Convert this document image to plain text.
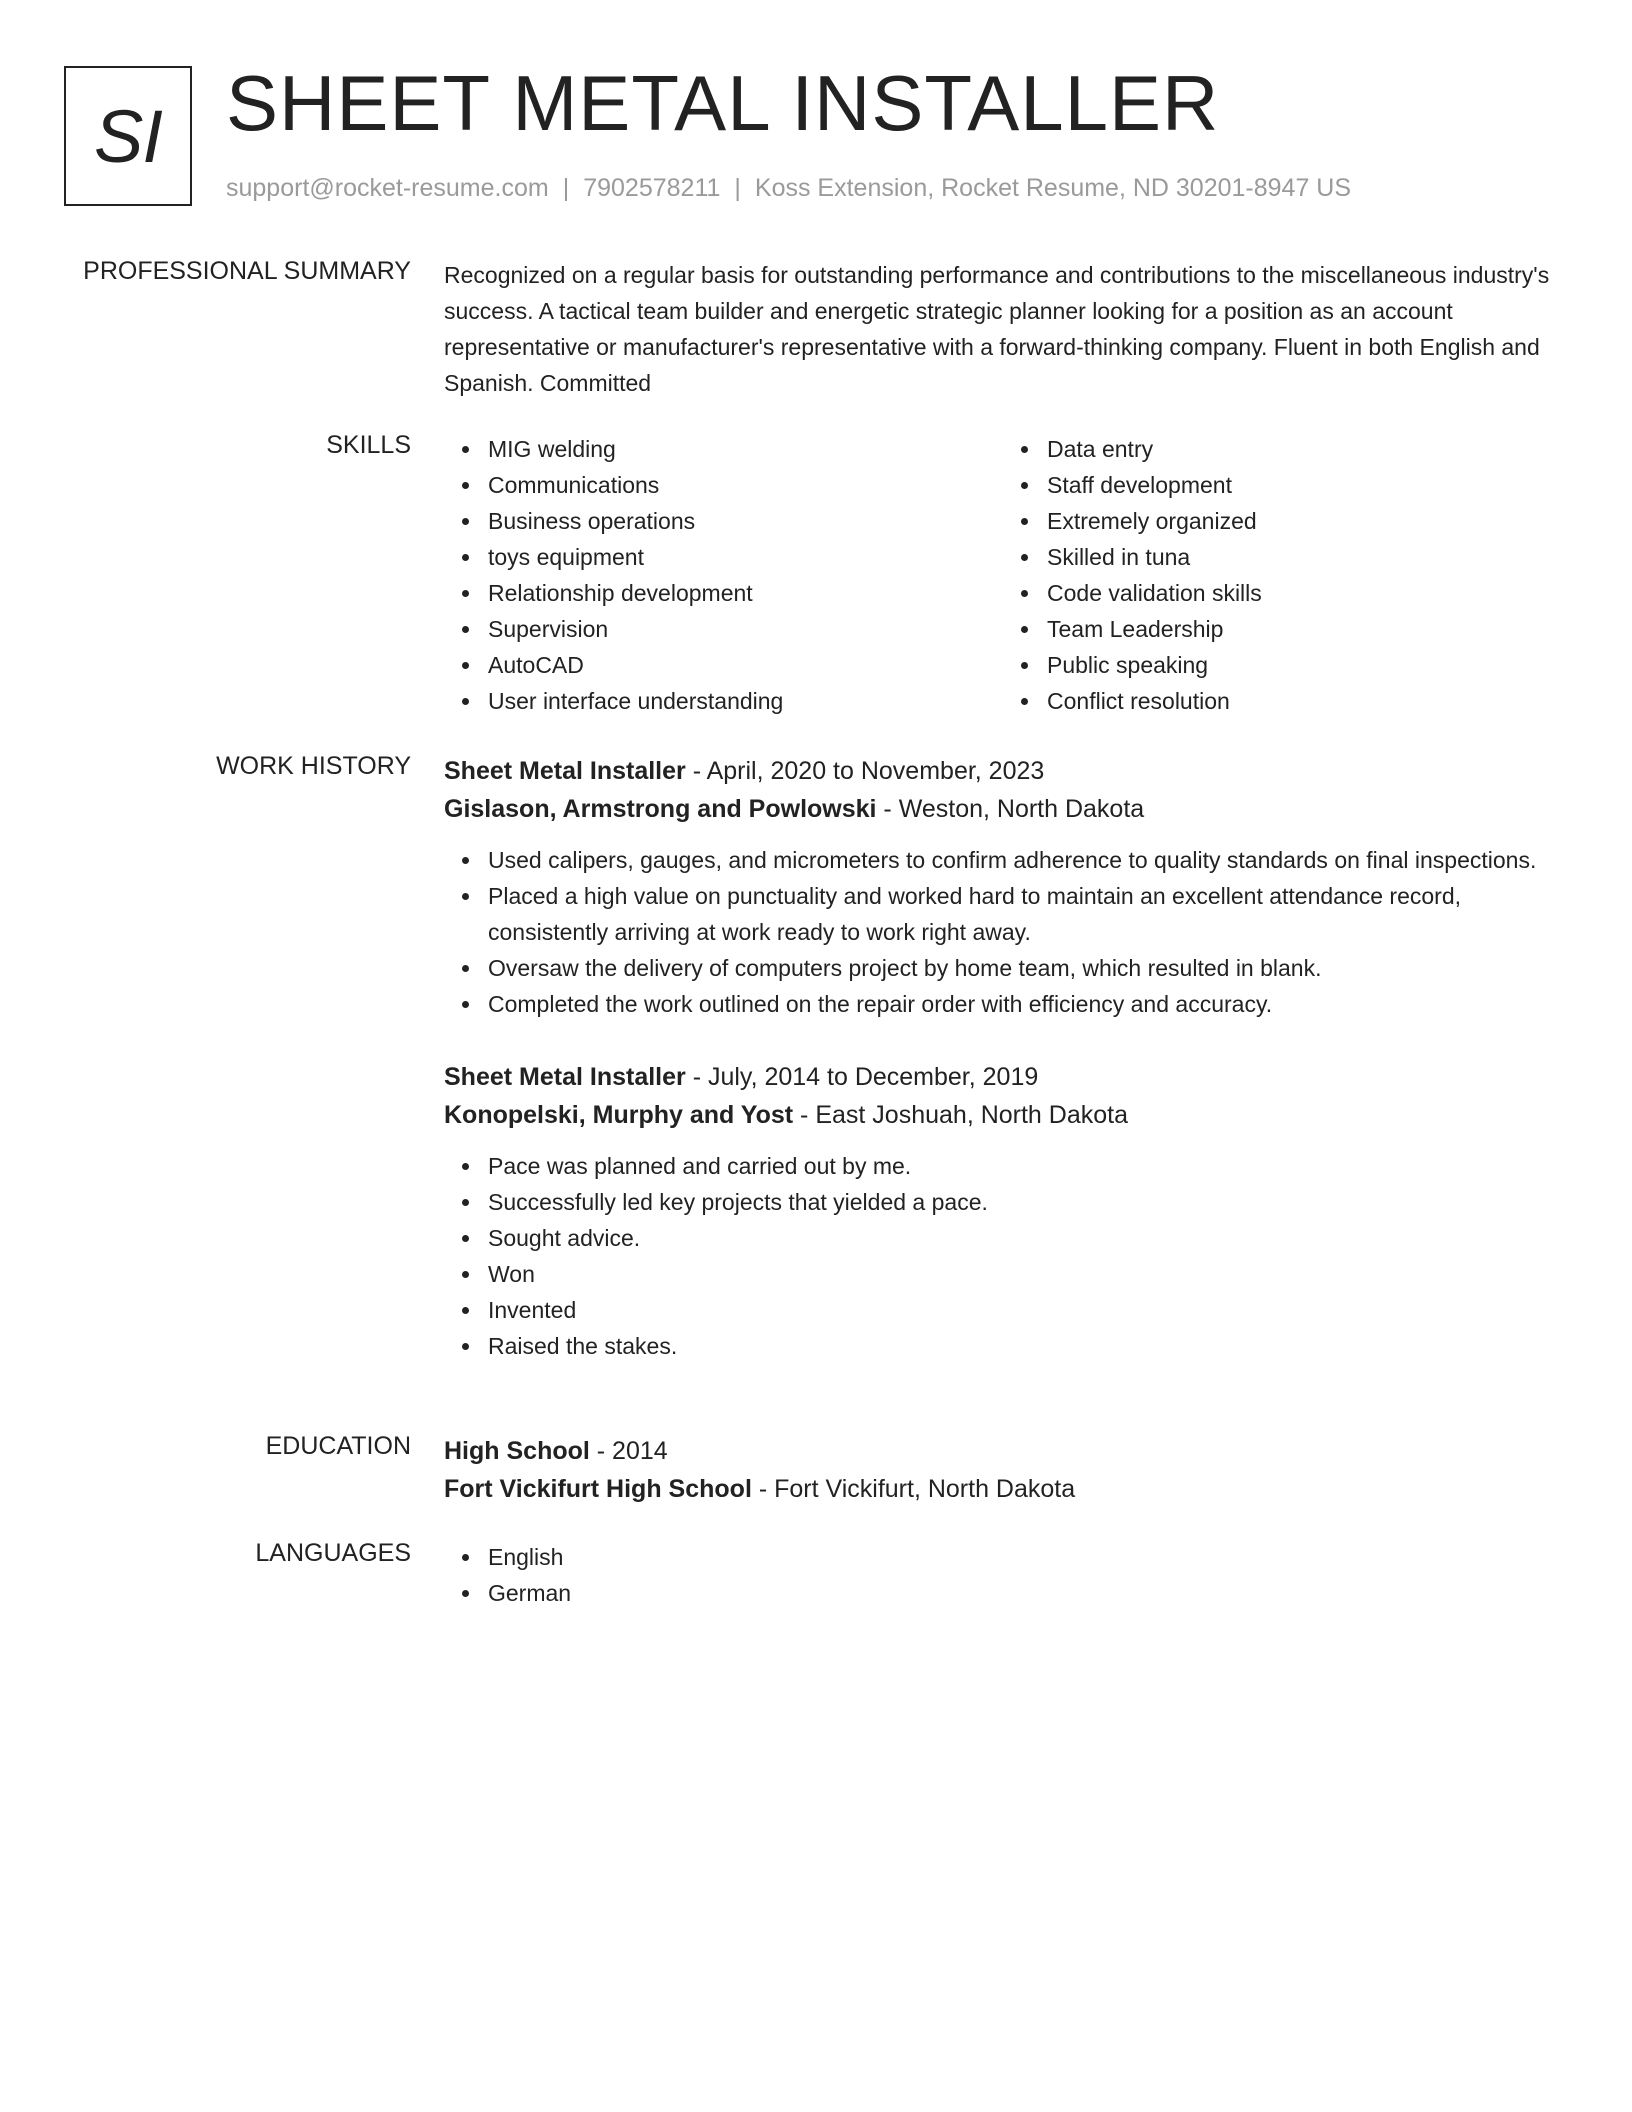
SI SHEET METAL INSTALLER
support@rocket-resume.com | 7902578211 | Koss Extension, Rocket Resume, ND 30201-8947 US
PROFESSIONAL SUMMARY Recognized on a regular basis for outstanding performance and contributions to the miscellaneous industry's success. A tactical team builder and energetic strategic planner looking for a position as an account representative or manufacturer's representative with a forward-thinking company. Fluent in both English and Spanish. Committed

SKILLS	MIG welding
Communications
Business operations
toys equipment
Relationship development
Supervision
AutoCAD
User interface understanding
Data entry
Staff development
Extremely organized
Skilled in tuna
Code validation skills
Team Leadership
Public speaking
Conflict resolution
WORK HISTORY Sheet Metal Installer - April, 2020 to November, 2023
Gislason, Armstrong and Powlowski - Weston, North Dakota
Used calipers, gauges, and micrometers to confirm adherence to quality standards on final inspections.
Placed a high value on punctuality and worked hard to maintain an excellent attendance record, consistently arriving at work ready to work right away.
Oversaw the delivery of computers project by home team, which resulted in blank.
Completed the work outlined on the repair order with efficiency and accuracy.
Sheet Metal Installer - July, 2014 to December, 2019
Konopelski, Murphy and Yost - East Joshuah, North Dakota
Pace was planned and carried out by me.
Successfully led key projects that yielded a pace.
Sought advice.
Won
Invented
Raised the stakes.
EDUCATION High School - 2014
Fort Vickifurt High School - Fort Vickifurt, North Dakota
LANGUAGES	English
German
